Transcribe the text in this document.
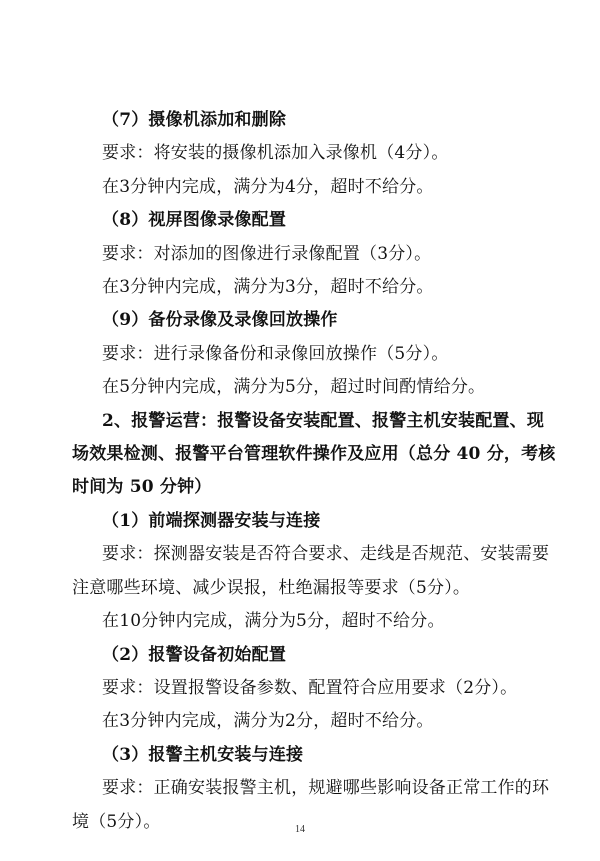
（7）摄像机添加和删除
要求：将安装的摄像机添加入录像机（4分）。
在3分钟内完成，满分为4分，超时不给分。
（8）视屏图像录像配置
要求：对添加的图像进行录像配置（3分）。
在3分钟内完成，满分为3分，超时不给分。
（9）备份录像及录像回放操作
要求：进行录像备份和录像回放操作（5分）。
在5分钟内完成，满分为5分，超过时间酌情给分。
2、报警运营：报警设备安装配置、报警主机安装配置、现
场效果检测、报警平台管理软件操作及应用（总分 40 分，考核
时间为 50 分钟）
（1）前端探测器安装与连接
要求：探测器安装是否符合要求、走线是否规范、安装需要
注意哪些环境、减少误报，杜绝漏报等要求（5分）。
在10分钟内完成，满分为5分，超时不给分。
（2）报警设备初始配置
要求：设置报警设备参数、配置符合应用要求（2分）。
在3分钟内完成，满分为2分，超时不给分。
（3）报警主机安装与连接
要求：正确安装报警主机，规避哪些影响设备正常工作的环
境（5分）。	14
